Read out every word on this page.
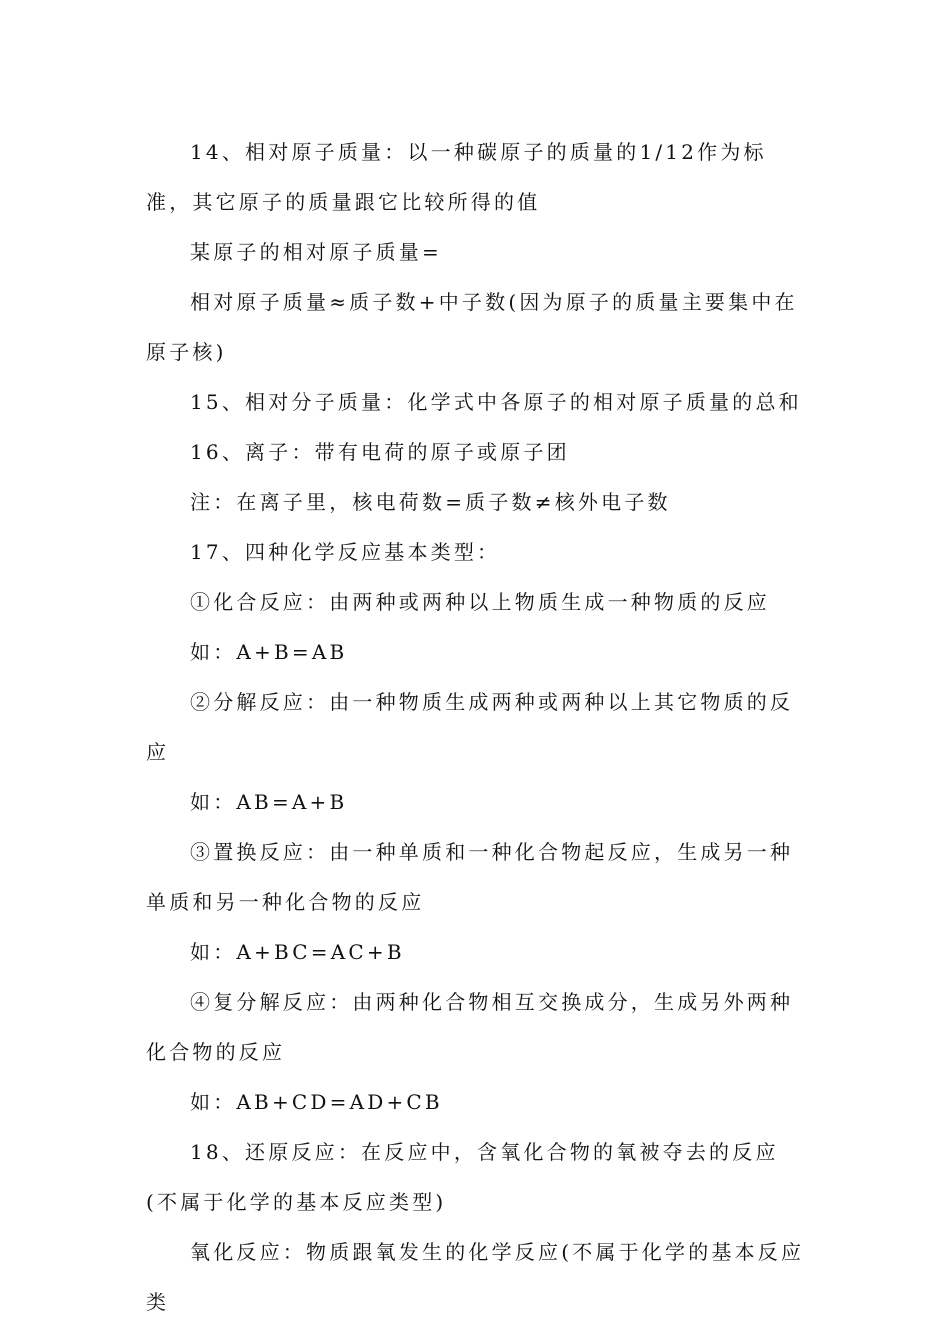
14、相对原子质量：以一种碳原子的质量的1/12作为标准，其它原子的质量跟它比较所得的值

某原子的相对原子质量=

相对原子质量≈质子数+中子数(因为原子的质量主要集中在原子核)

15、相对分子质量：化学式中各原子的相对原子质量的总和

16、离子：带有电荷的原子或原子团

注：在离子里，核电荷数=质子数≠核外电子数

17、四种化学反应基本类型：

①化合反应：由两种或两种以上物质生成一种物质的反应

如：A+B=AB

②分解反应：由一种物质生成两种或两种以上其它物质的反应

如：AB=A+B

③置换反应：由一种单质和一种化合物起反应，生成另一种单质和另一种化合物的反应

如：A+BC=AC+B

④复分解反应：由两种化合物相互交换成分，生成另外两种化合物的反应

如：AB+CD=AD+CB

18、还原反应：在反应中，含氧化合物的氧被夺去的反应(不属于化学的基本反应类型)

氧化反应：物质跟氧发生的化学反应(不属于化学的基本反应类
